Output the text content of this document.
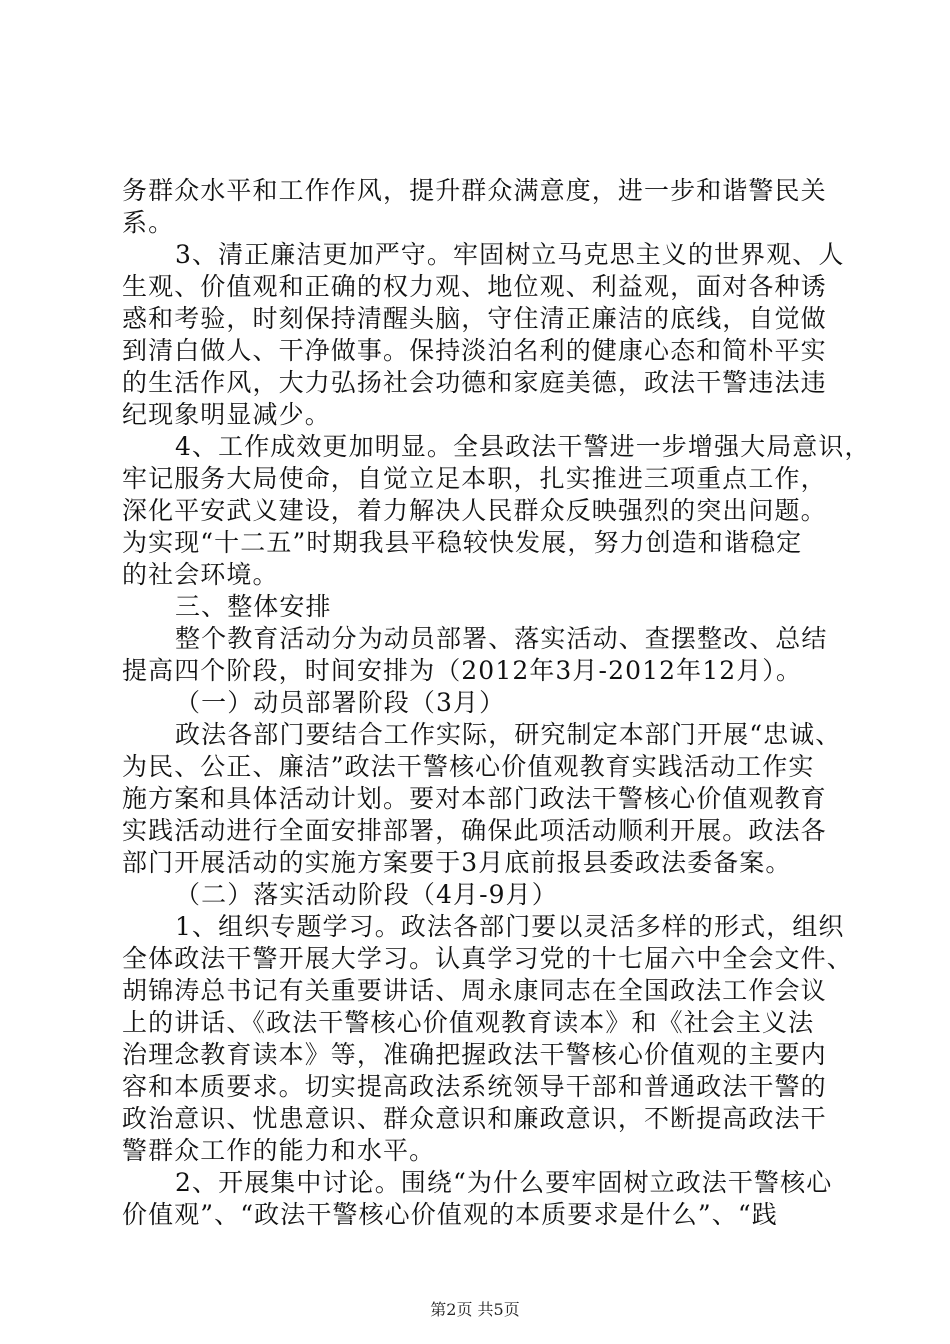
务群众水平和工作作风，提升群众满意度，进一步和谐警民关
系。
3、清正廉洁更加严守。牢固树立马克思主义的世界观、人
生观、价值观和正确的权力观、地位观、利益观，面对各种诱
惑和考验，时刻保持清醒头脑，守住清正廉洁的底线，自觉做
到清白做人、干净做事。保持淡泊名利的健康心态和简朴平实
的生活作风，大力弘扬社会功德和家庭美德，政法干警违法违
纪现象明显减少。
4、工作成效更加明显。全县政法干警进一步增强大局意识，
牢记服务大局使命，自觉立足本职，扎实推进三项重点工作，
深化平安武义建设，着力解决人民群众反映强烈的突出问题。
为实现“十二五”时期我县平稳较快发展，努力创造和谐稳定
的社会环境。
三、整体安排
整个教育活动分为动员部署、落实活动、查摆整改、总结
提高四个阶段，时间安排为（2012年3月-2012年12月）。
（一）动员部署阶段（3月）
政法各部门要结合工作实际，研究制定本部门开展“忠诚、
为民、公正、廉洁”政法干警核心价值观教育实践活动工作实
施方案和具体活动计划。要对本部门政法干警核心价值观教育
实践活动进行全面安排部署，确保此项活动顺利开展。政法各
部门开展活动的实施方案要于3月底前报县委政法委备案。
（二）落实活动阶段（4月-9月）
1、组织专题学习。政法各部门要以灵活多样的形式，组织
全体政法干警开展大学习。认真学习党的十七届六中全会文件、
胡锦涛总书记有关重要讲话、周永康同志在全国政法工作会议
上的讲话、《政法干警核心价值观教育读本》和《社会主义法
治理念教育读本》等，准确把握政法干警核心价值观的主要内
容和本质要求。切实提高政法系统领导干部和普通政法干警的
政治意识、忧患意识、群众意识和廉政意识，不断提高政法干
警群众工作的能力和水平。
2、开展集中讨论。围绕“为什么要牢固树立政法干警核心
价值观”、“政法干警核心价值观的本质要求是什么”、“践
第2页 共5页
